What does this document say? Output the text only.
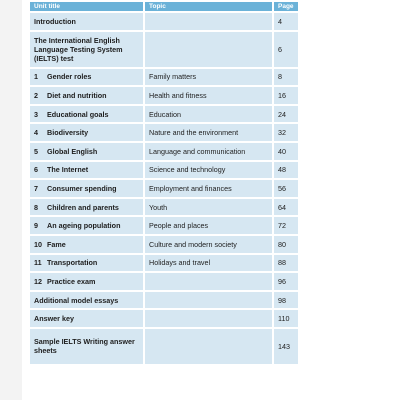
Unit title	Topic	Page
Introduction		4
The International English Language Testing System (IELTS) test		6
1 Gender roles	Family matters	8
2 Diet and nutrition	Health and fitness	16
3 Educational goals	Education	24
4 Biodiversity	Nature and the environment	32
5 Global English	Language and communication	40
6 The Internet	Science and technology	48
7 Consumer spending	Employment and finances	56
8 Children and parents	Youth	64
9 An ageing population	People and places	72
10 Fame	Culture and modern society	80
11 Transportation	Holidays and travel	88
12 Practice exam		96
Additional model essays		98
Answer key		110
Sample IELTS Writing answer sheets		143
